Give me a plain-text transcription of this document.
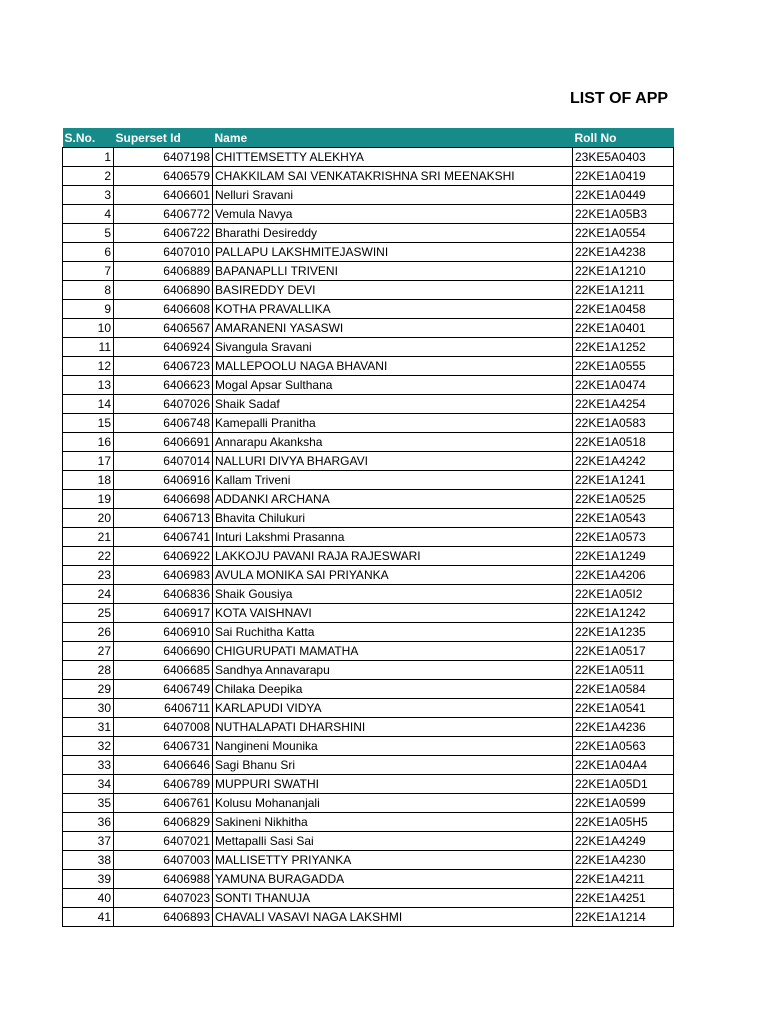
LIST OF APP
S.No.	Superset Id	Name	Roll No
1	6407198	CHITTEMSETTY ALEKHYA	23KE5A0403
2	6406579	CHAKKILAM SAI VENKATAKRISHNA SRI MEENAKSHI	22KE1A0419
3	6406601	Nelluri Sravani	22KE1A0449
4	6406772	Vemula Navya	22KE1A05B3
5	6406722	Bharathi Desireddy	22KE1A0554
6	6407010	PALLAPU LAKSHMITEJASWINI	22KE1A4238
7	6406889	BAPANAPLLI TRIVENI	22KE1A1210
8	6406890	BASIREDDY DEVI	22KE1A1211
9	6406608	KOTHA PRAVALLIKA	22KE1A0458
10	6406567	AMARANENI YASASWI	22KE1A0401
11	6406924	Sivangula Sravani	22KE1A1252
12	6406723	MALLEPOOLU NAGA BHAVANI	22KE1A0555
13	6406623	Mogal Apsar Sulthana	22KE1A0474
14	6407026	Shaik Sadaf	22KE1A4254
15	6406748	Kamepalli Pranitha	22KE1A0583
16	6406691	Annarapu Akanksha	22KE1A0518
17	6407014	NALLURI DIVYA BHARGAVI	22KE1A4242
18	6406916	Kallam Triveni	22KE1A1241
19	6406698	ADDANKI ARCHANA	22KE1A0525
20	6406713	Bhavita Chilukuri	22KE1A0543
21	6406741	Inturi Lakshmi Prasanna	22KE1A0573
22	6406922	LAKKOJU PAVANI RAJA RAJESWARI	22KE1A1249
23	6406983	AVULA MONIKA SAI PRIYANKA	22KE1A4206
24	6406836	Shaik Gousiya	22KE1A05I2
25	6406917	KOTA VAISHNAVI	22KE1A1242
26	6406910	Sai Ruchitha Katta	22KE1A1235
27	6406690	CHIGURUPATI MAMATHA	22KE1A0517
28	6406685	Sandhya Annavarapu	22KE1A0511
29	6406749	Chilaka Deepika	22KE1A0584
30	6406711	KARLAPUDI VIDYA	22KE1A0541
31	6407008	NUTHALAPATI DHARSHINI	22KE1A4236
32	6406731	Nangineni Mounika	22KE1A0563
33	6406646	Sagi Bhanu Sri	22KE1A04A4
34	6406789	MUPPURI SWATHI	22KE1A05D1
35	6406761	Kolusu Mohananjali	22KE1A0599
36	6406829	Sakineni Nikhitha	22KE1A05H5
37	6407021	Mettapalli Sasi Sai	22KE1A4249
38	6407003	MALLISETTY PRIYANKA	22KE1A4230
39	6406988	YAMUNA BURAGADDA	22KE1A4211
40	6407023	SONTI THANUJA	22KE1A4251
41	6406893	CHAVALI VASAVI NAGA LAKSHMI	22KE1A1214
